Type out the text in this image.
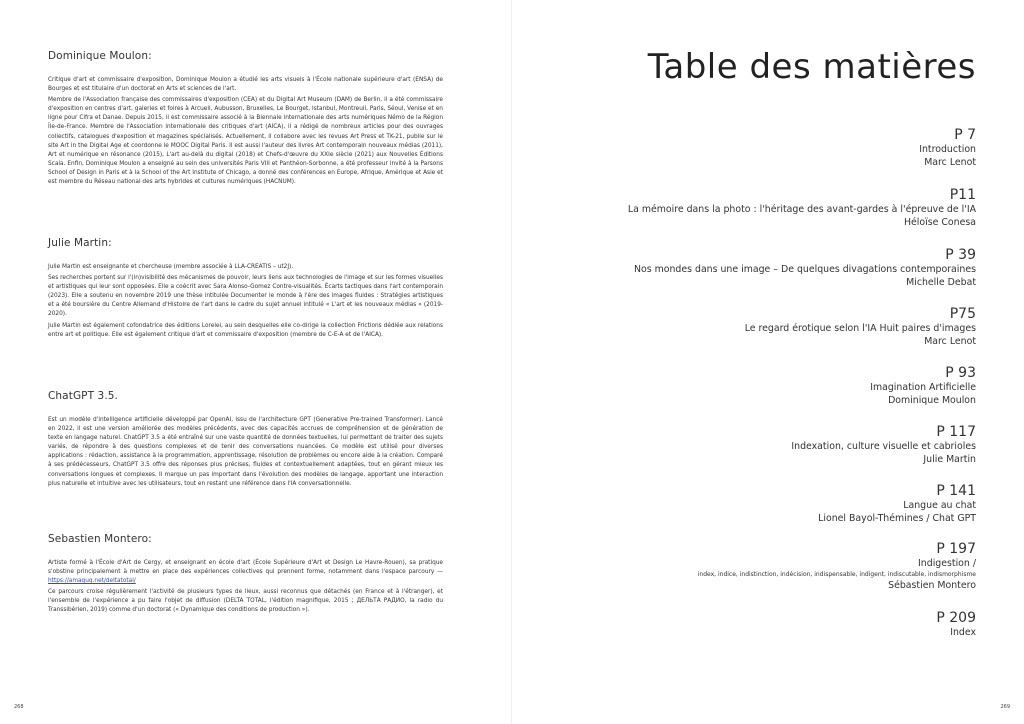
Dominique Moulon:

Critique d'art et commissaire d'exposition, Dominique Moulon a étudié les arts visuels à l'École nationale supérieure d'art (ENSA) de Bourges et est titulaire d'un doctorat en Arts et sciences de l'art.

Membre de l'Association française des commissaires d'exposition (CEA) et du Digital Art Museum (DAM) de Berlin, il a été commissaire d'exposition en centres d'art, galeries et foires à Arcueil, Aubusson, Bruxelles, Le Bourget, Istanbul, Montreuil, Paris, Séoul, Venise et en ligne pour Cifra et Danae. Depuis 2015, il est commissaire associé à la Biennale internationale des arts numériques Némo de la Région Île-de-France. Membre de l'Association internationale des critiques d'art (AICA), il a rédigé de nombreux articles pour des ouvrages collectifs, catalogues d'exposition et magazines spécialisés. Actuellement, il collabore avec les revues Art Press et TK-21, publie sur le site Art in the Digital Age et coordonne le MOOC Digital Paris. Il est aussi l'auteur des livres Art contemporain nouveaux médias (2011), Art et numérique en résonance (2015), L'art au-delà du digital (2018) et Chefs-d'œuvre du XXIe siècle (2021) aux Nouvelles Éditions Scala. Enfin, Dominique Moulon a enseigné au sein des universités Paris VIII et Panthéon-Sorbonne, a été professeur invité à la Parsons School of Design in Paris et à la School of the Art Institute of Chicago, a donné des conférences en Europe, Afrique, Amérique et Asie et est membre du Réseau national des arts hybrides et cultures numériques (HACNUM).

Julie Martin:

Julie Martin est enseignante et chercheuse (membre associée à LLA-CREATIS – ut2J).

Ses recherches portent sur l'(in)visibilité des mécanismes de pouvoir, leurs liens aux technologies de l'image et sur les formes visuelles et artistiques qui leur sont opposées. Elle a coécrit avec Sara Alonso-Gomez Contre-visualités. Écarts tactiques dans l'art contemporain (2023). Elle a soutenu en novembre 2019 une thèse intitulée Documenter le monde à l'ère des images fluides : Stratégies artistiques et a été boursière du Centre Allemand d'Histoire de l'art dans le cadre du sujet annuel intitulé « L'art et les nouveaux médias » (2019-2020).

Julie Martin est également cofondatrice des éditions Lorelei, au sein desquelles elle co-dirige la collection Frictions dédiée aux relations entre art et politique. Elle est également critique d'art et commissaire d'exposition (membre de C-E-A et de l'AICA).

ChatGPT 3.5.

Est un modèle d'intelligence artificielle développé par OpenAI, issu de l'architecture GPT (Generative Pre-trained Transformer). Lancé en 2022, il est une version améliorée des modèles précédents, avec des capacités accrues de compréhension et de génération de texte en langage naturel. ChatGPT 3.5 a été entraîné sur une vaste quantité de données textuelles, lui permettant de traiter des sujets variés, de répondre à des questions complexes et de tenir des conversations nuancées. Ce modèle est utilisé pour diverses applications : rédaction, assistance à la programmation, apprentissage, résolution de problèmes ou encore aide à la création. Comparé à ses prédécesseurs, ChatGPT 3.5 offre des réponses plus précises, fluides et contextuellement adaptées, tout en gérant mieux les conversations longues et complexes. Il marque un pas important dans l'évolution des modèles de langage, apportant une interaction plus naturelle et intuitive avec les utilisateurs, tout en restant une référence dans l'IA conversationnelle.

Sebastien Montero:

Artiste formé à l'École d'Art de Cergy, et enseignant en école d'art (École Supérieure d'Art et Design Le Havre-Rouen), sa pratique s'obstine principalement à mettre en place des expériences collectives qui prennent forme, notamment dans l'espace parcoury — https://amagug.net/deltatotal/

Ce parcours croise régulièrement l'activité de plusieurs types de lieux, aussi reconnus que détachés (en France et à l'étranger), et l'ensemble de l'expérience a pu faire l'objet de diffusion (DELTA TOTAL, l'édition magnifique, 2015 ; ДЕЛЬТА РАДИО, la radio du Transsibérien, 2019) comme d'un doctorat (« Dynamique des conditions de production »).

268
Table des matières
P 7
Introduction
Marc Lenot
P11
La mémoire dans la photo : l'héritage des avant-gardes à l'épreuve de l'IA
Héloïse Conesa
P 39
Nos mondes dans une image – De quelques divagations contemporaines
Michelle Debat
P75
Le regard érotique selon l'IA Huit paires d'images
Marc Lenot
P 93
Imagination Artificielle
Dominique Moulon
P 117
Indexation, culture visuelle et cabrioles
Julie Martin
P 141
Langue au chat
Lionel Bayol-Thémines / Chat GPT
P 197
Indigestion /
index, indice, indistinction, indécision, indispensable, indigent, indiscutable, indismorphisme
Sébastien Montero
P 209
Index
269
